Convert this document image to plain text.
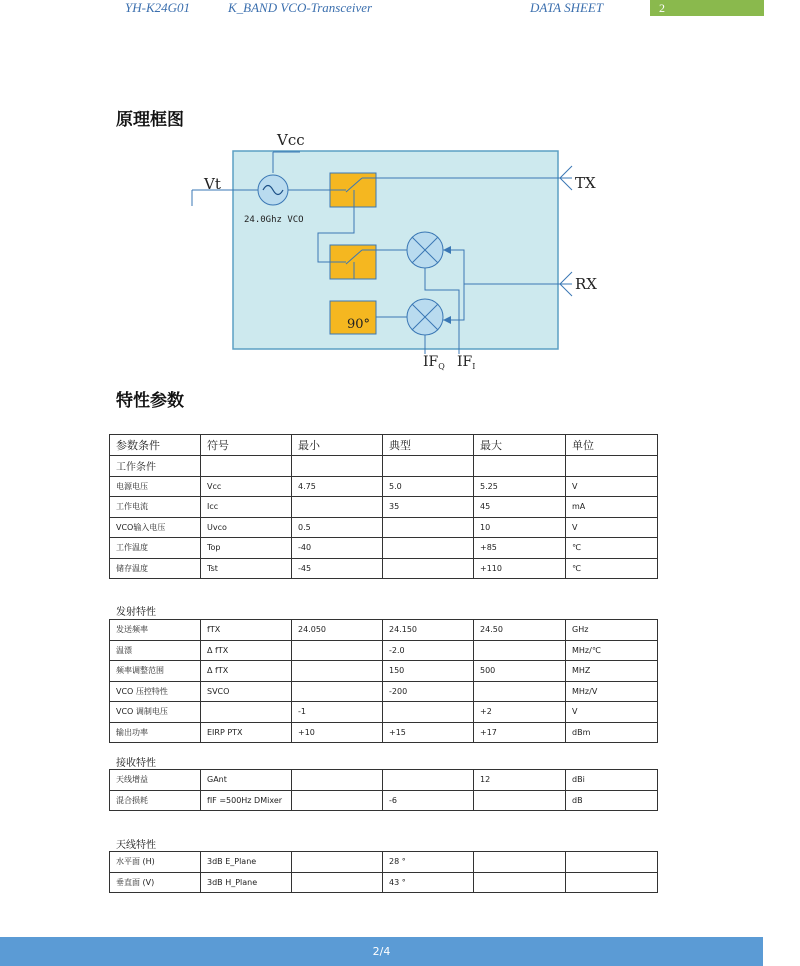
YH-K24G01	K_BAND VCO-Transceiver	DATA SHEET	2
原理框图
Vcc
Vt	TX
RX
24.0Ghz VCO
90°
$IF_Q$ $IF_I$
特性参数
参数条件	符号	最小	典型	最大	单位
工作条件					
电源电压	Vcc	4.75	5.0	5.25	V
工作电流	Icc		35	45	mA
VCO输入电压	Uvco	0.5		10	V
工作温度	Top	-40		+85	℃
储存温度	Tst	-45		+110	℃
发射特性
发送频率	fTX	24.050	24.150	24.50	GHz
温漂	Δ fTX		-2.0		MHz/℃
频率调整范围	Δ fTX		150	500	MHZ
VCO 压控特性	SVCO		-200		MHz/V
VCO 调制电压		-1		+2	V
输出功率	EIRP PTX	+10	+15	+17	dBm
接收特性
天线增益	GAnt			12	dBi
混合损耗	fIF =500Hz DMixer		-6		dB
天线特性
水平面 (H)	3dB E_Plane		28 °		
垂直面 (V)	3dB H_Plane		43 °		
2/4
